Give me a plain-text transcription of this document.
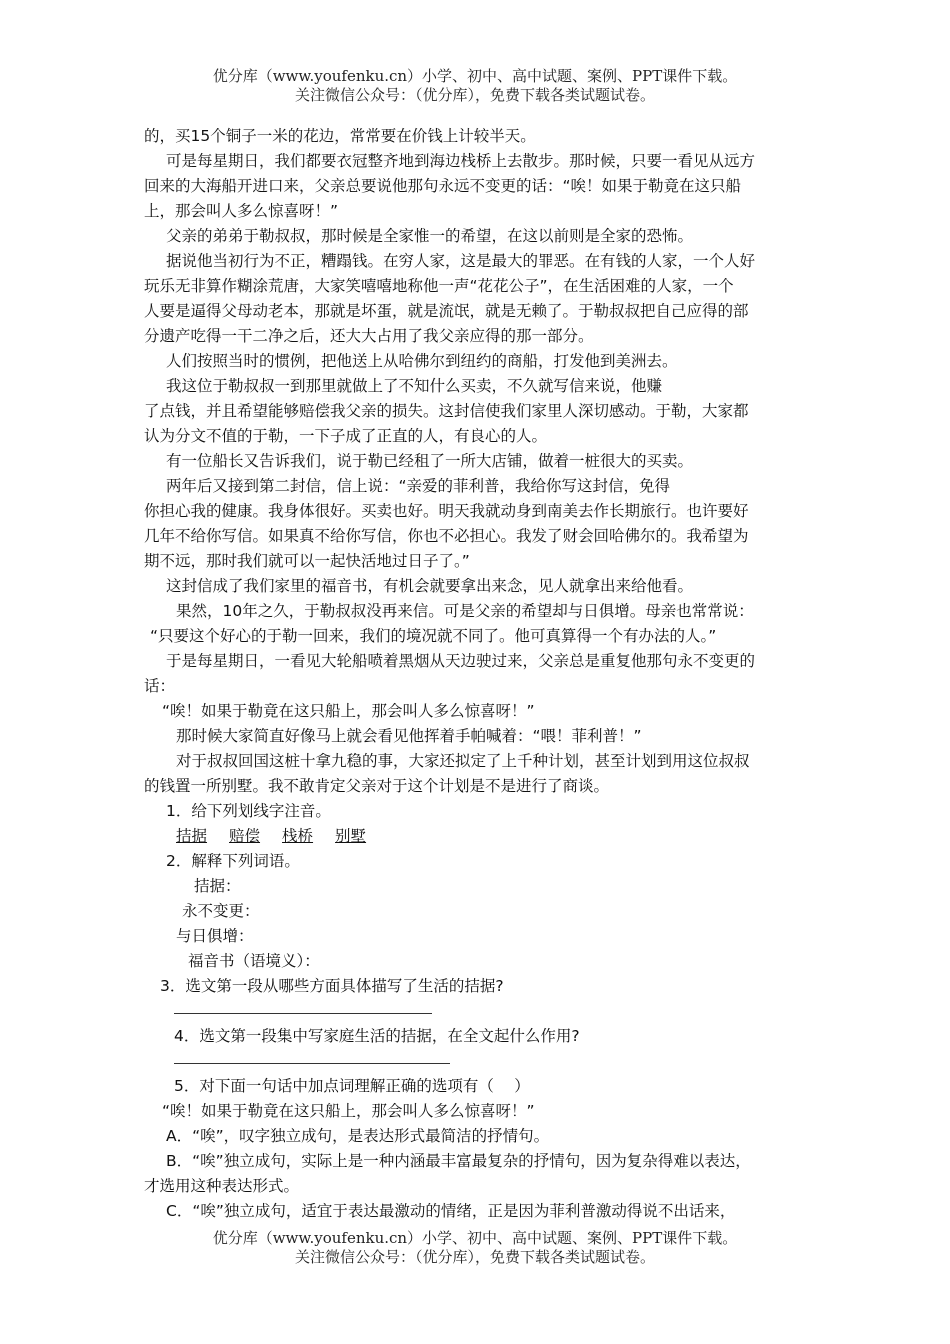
优分库（www.youfenku.cn）小学、初中、高中试题、案例、PPT课件下载。
关注微信公众号：（优分库），免费下载各类试题试卷。

的，买15个铜子一米的花边，常常要在价钱上计较半天。

可是每星期日，我们都要衣冠整齐地到海边栈桥上去散步。那时候，只要一看见从远方

回来的大海船开进口来，父亲总要说他那句永远不变更的话：“唉！如果于勒竟在这只船

上，那会叫人多么惊喜呀！”

父亲的弟弟于勒叔叔，那时候是全家惟一的希望，在这以前则是全家的恐怖。

据说他当初行为不正，糟蹋钱。在穷人家，这是最大的罪恶。在有钱的人家，一个人好

玩乐无非算作糊涂荒唐，大家笑嘻嘻地称他一声“花花公子”，在生活困难的人家，一个

人要是逼得父母动老本，那就是坏蛋，就是流氓，就是无赖了。于勒叔叔把自己应得的部

分遗产吃得一干二净之后，还大大占用了我父亲应得的那一部分。

人们按照当时的惯例，把他送上从哈佛尔到纽约的商船，打发他到美洲去。

我这位于勒叔叔一到那里就做上了不知什么买卖，不久就写信来说，他赚

了点钱，并且希望能够赔偿我父亲的损失。这封信使我们家里人深切感动。于勒，大家都

认为分文不值的于勒，一下子成了正直的人，有良心的人。

有一位船长又告诉我们，说于勒已经租了一所大店铺，做着一桩很大的买卖。

两年后又接到第二封信，信上说：“亲爱的菲利普，我给你写这封信，免得

你担心我的健康。我身体很好。买卖也好。明天我就动身到南美去作长期旅行。也许要好

几年不给你写信。如果真不给你写信，你也不必担心。我发了财会回哈佛尔的。我希望为

期不远，那时我们就可以一起快活地过日子了。”

这封信成了我们家里的福音书，有机会就要拿出来念，见人就拿出来给他看。

果然，10年之久，于勒叔叔没再来信。可是父亲的希望却与日俱增。母亲也常常说：

“只要这个好心的于勒一回来，我们的境况就不同了。他可真算得一个有办法的人。”

于是每星期日，一看见大轮船喷着黑烟从天边驶过来，父亲总是重复他那句永不变更的

话：

“唉！如果于勒竟在这只船上，那会叫人多么惊喜呀！”

那时候大家简直好像马上就会看见他挥着手帕喊着：“喂！菲利普！”

对于叔叔回国这桩十拿九稳的事，大家还拟定了上千种计划，甚至计划到用这位叔叔

的钱置一所别墅。我不敢肯定父亲对于这个计划是不是进行了商谈。

1．给下列划线字注音。

拮据 赔偿 栈桥 别墅

2．解释下列词语。

拮据：

永不变更：

与日俱增：

福音书（语境义）：

3．选文第一段从哪些方面具体描写了生活的拮据?

4．选文第一段集中写家庭生活的拮据，在全文起什么作用?

5．对下面一句话中加点词理解正确的选项有（　 ）

“唉！如果于勒竟在这只船上，那会叫人多么惊喜呀！”

A．“唉”，叹字独立成句，是表达形式最简洁的抒情句。

B．“唉”独立成句，实际上是一种内涵最丰富最复杂的抒情句，因为复杂得难以表达，

才选用这种表达形式。

C．“唉”独立成句，适宜于表达最激动的情绪，正是因为菲利普激动得说不出话来，

优分库（www.youfenku.cn）小学、初中、高中试题、案例、PPT课件下载。
关注微信公众号：（优分库），免费下载各类试题试卷。
